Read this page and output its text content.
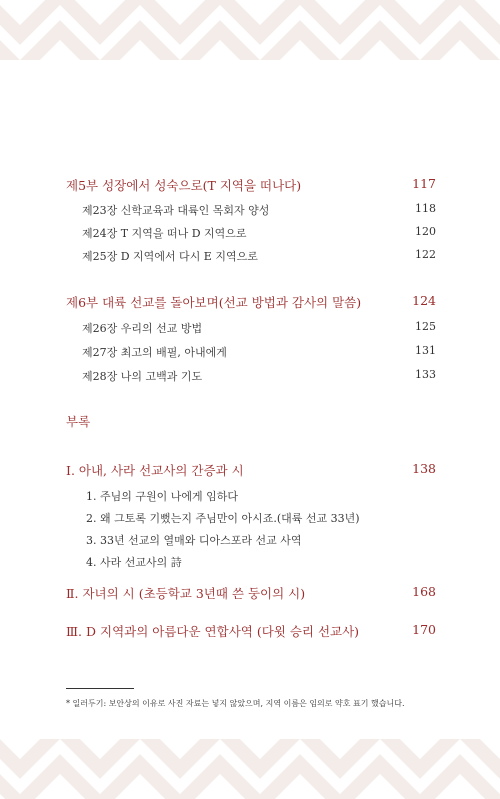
제5부 성장에서 성숙으로(T 지역을 떠나다)	117
제23장 신학교육과 대륙인 목회자 양성	118
제24장 T 지역을 떠나 D 지역으로	120
제25장 D 지역에서 다시 E 지역으로	122
제6부 대륙 선교를 돌아보며(선교 방법과 감사의 말씀)	124
제26장 우리의 선교 방법	125
제27장 최고의 배필, 아내에게	131
제28장 나의 고백과 기도	133
부록
Ⅰ. 아내, 사라 선교사의 간증과 시	138
1. 주님의 구원이 나에게 임하다
2. 왜 그토록 기뻤는지 주님만이 아시죠.(대륙 선교 33년)
3. 33년 선교의 열매와 디아스포라 선교 사역
4. 사라 선교사의 詩
Ⅱ. 자녀의 시 (초등학교 3년때 쓴 둥이의 시)	168
Ⅲ. D 지역과의 아름다운 연합사역 (다윗 승리 선교사)	170
* 일러두기: 보안상의 이유로 사진 자료는 넣지 않았으며, 지역 이름은 임의로 약호 표기 했습니다.
